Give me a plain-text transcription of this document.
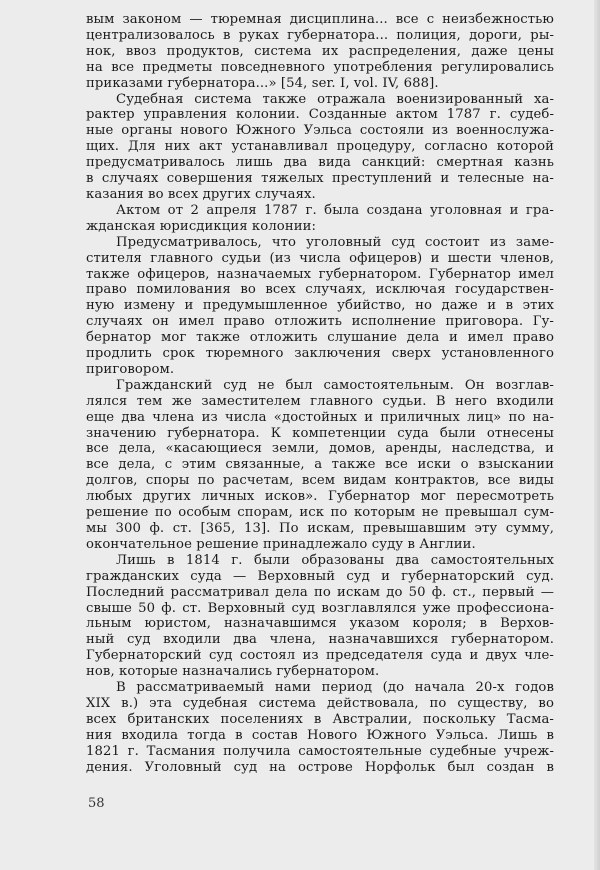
вым законом — тюремная дисциплина... все с неизбежностью
централизовалось в руках губернатора... полиция, дороги, ры-
нок, ввоз продуктов, система их распределения, даже цены
на все предметы повседневного употребления регулировались
приказами губернатора...» [54, ser. I, vol. IV, 688].
Судебная система также отражала военизированный ха-
рактер управления колонии. Созданные актом 1787 г. судеб-
ные органы нового Южного Уэльса состояли из военнослужа-
щих. Для них акт устанавливал процедуру, согласно которой
предусматривалось лишь два вида санкций: смертная казнь
в случаях совершения тяжелых преступлений и телесные на-
казания во всех других случаях.
Актом от 2 апреля 1787 г. была создана уголовная и гра-
жданская юрисдикция колонии:
Предусматривалось, что уголовный суд состоит из заме-
стителя главного судьи (из числа офицеров) и шести членов,
также офицеров, назначаемых губернатором. Губернатор имел
право помилования во всех случаях, исключая государствен-
ную измену и предумышленное убийство, но даже и в этих
случаях он имел право отложить исполнение приговора. Гу-
бернатор мог также отложить слушание дела и имел право
продлить срок тюремного заключения сверх установленного
приговором.
Гражданский суд не был самостоятельным. Он возглав-
лялся тем же заместителем главного судьи. В него входили
еще два члена из числа «достойных и приличных лиц» по на-
значению губернатора. К компетенции суда были отнесены
все дела, «касающиеся земли, домов, аренды, наследства, и
все дела, с этим связанные, а также все иски о взыскании
долгов, споры по расчетам, всем видам контрактов, все виды
любых других личных исков». Губернатор мог пересмотреть
решение по особым спорам, иск по которым не превышал сум-
мы 300 ф. ст. [365, 13]. По искам, превышавшим эту сумму,
окончательное решение принадлежало суду в Англии.
Лишь в 1814 г. были образованы два самостоятельных
гражданских суда — Верховный суд и губернаторский суд.
Последний рассматривал дела по искам до 50 ф. ст., первый —
свыше 50 ф. ст. Верховный суд возглавлялся уже профессиона-
льным юристом, назначавшимся указом короля; в Верхов-
ный суд входили два члена, назначавшихся губернатором.
Губернаторский суд состоял из председателя суда и двух чле-
нов, которые назначались губернатором.
В рассматриваемый нами период (до начала 20-х годов
XIX в.) эта судебная система действовала, по существу, во
всех британских поселениях в Австралии, поскольку Тасма-
ния входила тогда в состав Нового Южного Уэльса. Лишь в
1821 г. Тасмания получила самостоятельные судебные учреж-
дения. Уголовный суд на острове Норфольк был создан в
58
